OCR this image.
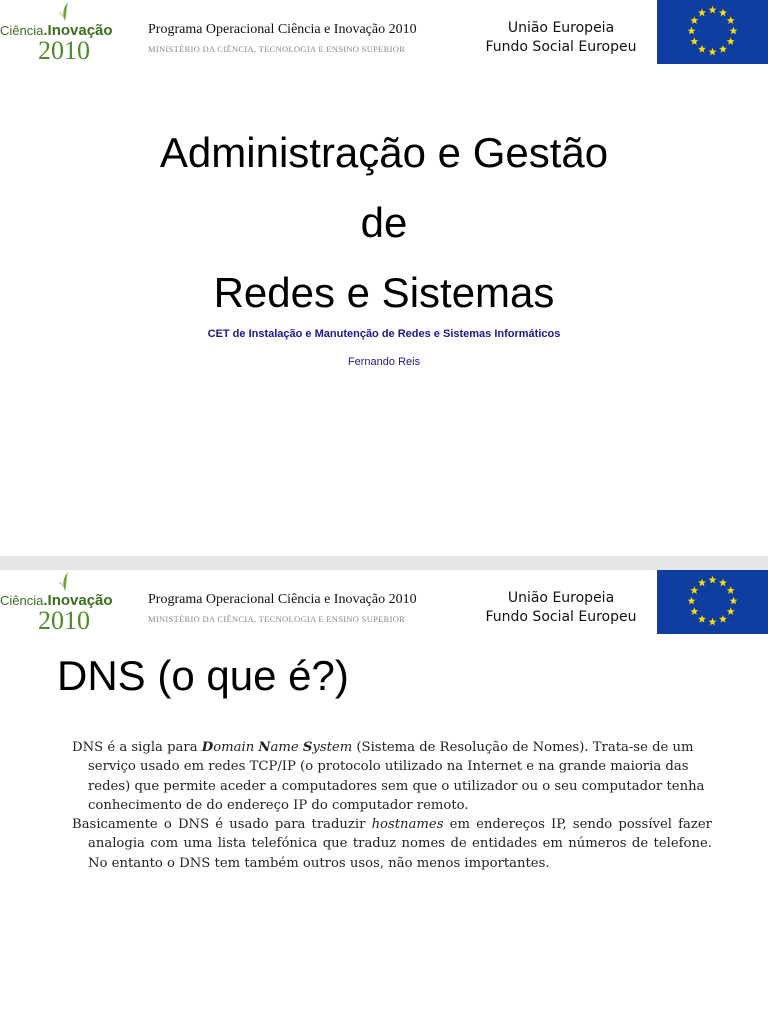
Ciência.Inovação
2010
Programa Operacional Ciência e Inovação 2010
MINISTÉRIO DA CIÊNCIA, TECNOLOGIA E ENSINO SUPERIOR
União Europeia
Fundo Social Europeu
Administração e Gestão
de
Redes e Sistemas
CET de Instalação e Manutenção de Redes e Sistemas Informáticos
Fernando Reis
Ciência.Inovação
2010
Programa Operacional Ciência e Inovação 2010
MINISTÉRIO DA CIÊNCIA, TECNOLOGIA E ENSINO SUPERIOR
União Europeia
Fundo Social Europeu
DNS (o que é?)

DNS é a sigla para Domain Name System (Sistema de Resolução de Nomes). Trata-se de um serviço usado em redes TCP/IP (o protocolo utilizado na Internet e na grande maioria das redes) que permite aceder a computadores sem que o utilizador ou o seu computador tenha conhecimento de do endereço IP do computador remoto.

Basicamente o DNS é usado para traduzir hostnames em endereços IP, sendo possível fazer analogia com uma lista telefónica que traduz nomes de entidades em números de telefone. No entanto o DNS tem também outros usos, não menos importantes.
